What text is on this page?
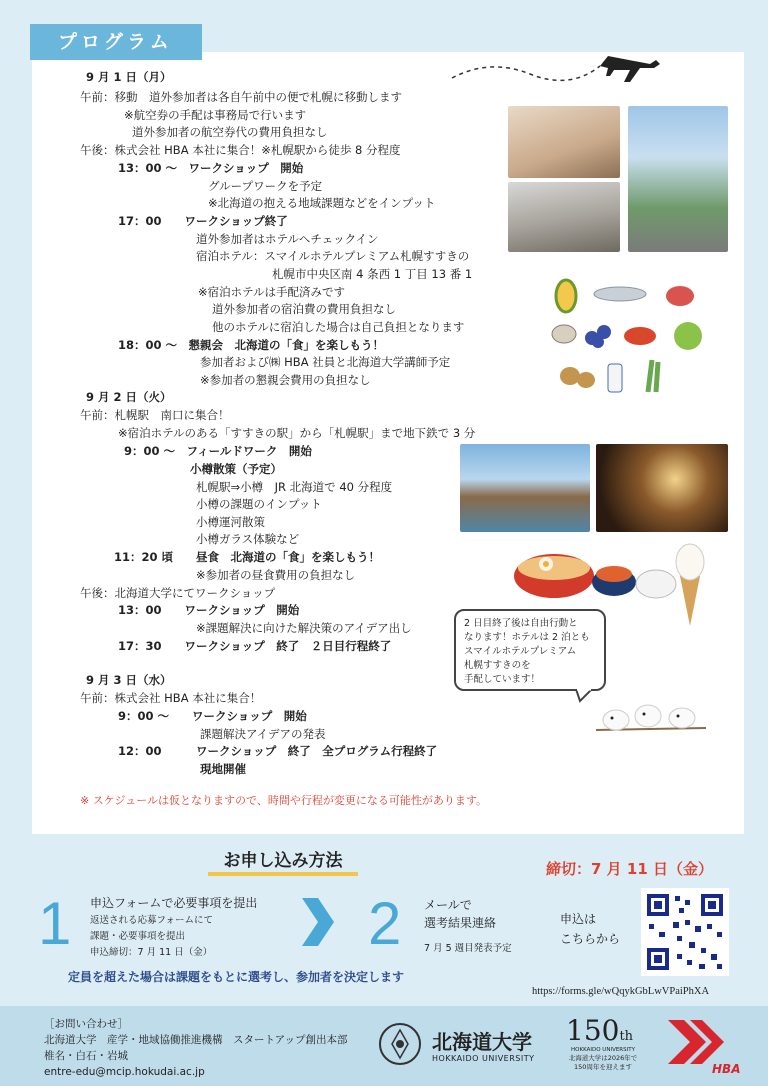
プログラム
9 月 1 日（月）
午前：移動　道外参加者は各自午前中の便で札幌に移動します
※航空券の手配は事務局で行います
道外参加者の航空券代の費用負担なし
午後：株式会社 HBA 本社に集合！※札幌駅から徒歩 8 分程度
13：00 ～　ワークショップ　開始
グループワークを予定
※北海道の抱える地域課題などをインプット
17：00　　ワークショップ終了
道外参加者はホテルへチェックイン
宿泊ホテル：スマイルホテルプレミアム札幌すすきの
札幌市中央区南 4 条西 1 丁目 13 番 1
※宿泊ホテルは手配済みです
道外参加者の宿泊費の費用負担なし
他のホテルに宿泊した場合は自己負担となります
18：00 ～　懇親会　北海道の「食」を楽しもう！
参加者および㈱ HBA 社員と北海道大学講師予定
※参加者の懇親会費用の負担なし
9 月 2 日（火）
午前：札幌駅　南口に集合！
※宿泊ホテルのある「すすきの駅」から「札幌駅」まで地下鉄で 3 分
9：00 ～　フィールドワーク　開始
小樽散策（予定）
札幌駅⇒小樽　JR 北海道で 40 分程度
小樽の課題のインプット
小樽運河散策
小樽ガラス体験など
11：20 頃　　昼食　北海道の「食」を楽しもう！
※参加者の昼食費用の負担なし
午後：北海道大学にてワークショップ
13：00　　ワークショップ　開始
※課題解決に向けた解決策のアイデア出し
17：30　　ワークショップ　終了　２日目行程終了
9 月 3 日（水）
午前：株式会社 HBA 本社に集合！
9：00 ～　　ワークショップ　開始
課題解決アイデアの発表
12：00　　　ワークショップ　終了　全プログラム行程終了
現地開催
※ スケジュールは仮となりますので、時間や行程が変更になる可能性があります。
2 日目終了後は自由行動と
なります！ホテルは 2 泊とも
スマイルホテルプレミアム
札幌すすきのを
手配しています！
お申し込み方法	締切：7 月 11 日（金）
1 申込フォームで必要事項を提出
返送される応募フォームにて
課題・必要事項を提出
申込締切：7 月 11 日（金）	2 メールで
選考結果連絡
7 月 5 週目発表予定
申込は
こちらから
定員を超えた場合は課題をもとに選考し、参加者を決定します
https://forms.gle/wQqykGbLwVPaiPhXA
［お問い合わせ］
北海道大学　産学・地域協働推進機構　スタートアップ創出本部
椎名・白石・岩城
entre-edu@mcip.hokudai.ac.jp
北海道大学
HOKKAIDO UNIVERSITY
150th
HOKKAIDO UNIVERSITY
北海道大学は2026年で
150周年を迎えます	HBA
